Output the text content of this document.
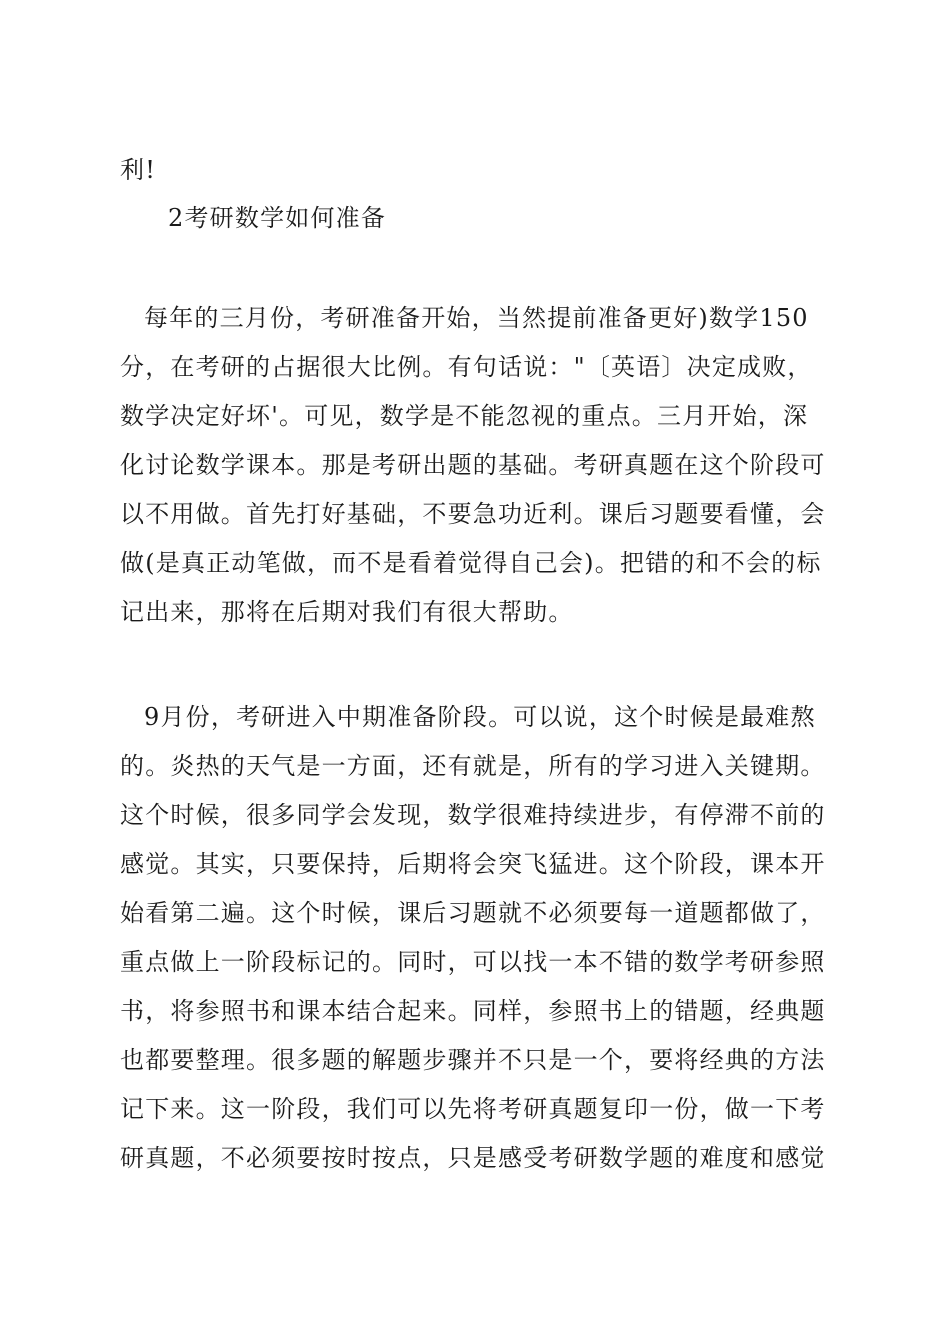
利!
2考研数学如何准备
每年的三月份，考研准备开始，当然提前准备更好)数学150
分，在考研的占据很大比例。有句话说："〔英语〕决定成败，
数学决定好坏'。可见，数学是不能忽视的重点。三月开始，深
化讨论数学课本。那是考研出题的基础。考研真题在这个阶段可
以不用做。首先打好基础，不要急功近利。课后习题要看懂，会
做(是真正动笔做，而不是看着觉得自己会)。把错的和不会的标
记出来，那将在后期对我们有很大帮助。
9月份，考研进入中期准备阶段。可以说，这个时候是最难熬
的。炎热的天气是一方面，还有就是，所有的学习进入关键期。
这个时候，很多同学会发现，数学很难持续进步，有停滞不前的
感觉。其实，只要保持，后期将会突飞猛进。这个阶段，课本开
始看第二遍。这个时候，课后习题就不必须要每一道题都做了，
重点做上一阶段标记的。同时，可以找一本不错的数学考研参照
书，将参照书和课本结合起来。同样，参照书上的错题，经典题
也都要整理。很多题的解题步骤并不只是一个，要将经典的方法
记下来。这一阶段，我们可以先将考研真题复印一份，做一下考
研真题，不必须要按时按点，只是感受考研数学题的难度和感觉
